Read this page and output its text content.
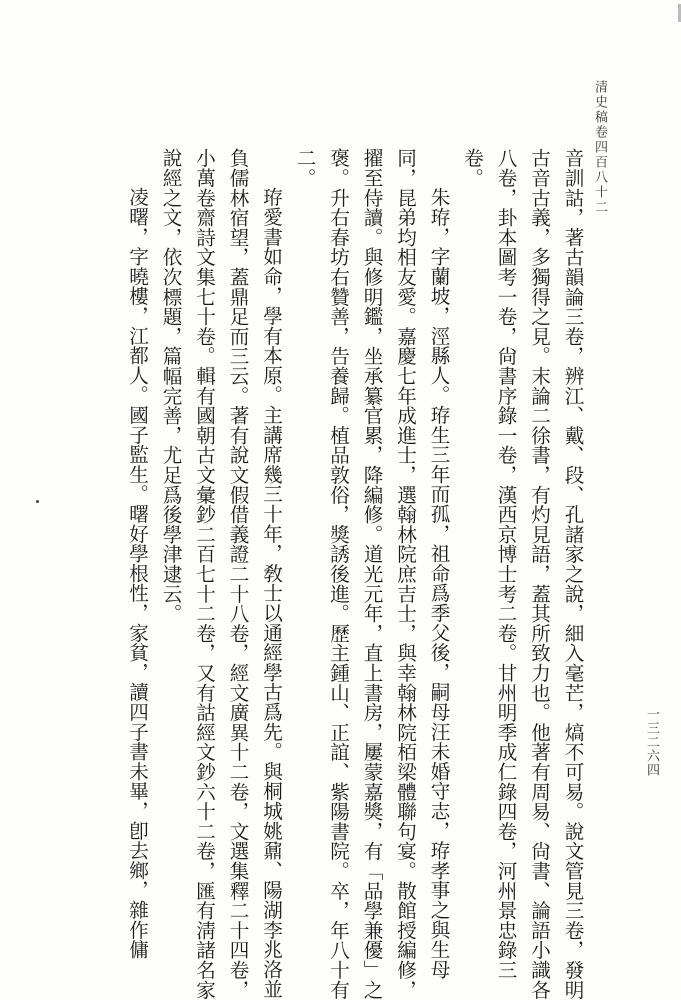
清史稿卷四百八十二
一三二六四

音訓詁，著古韻論三卷，辨江、戴、段、孔諸家之說，細入毫芒，熇不可易。說文管見三卷，發明古音古義，多獨得之見。末論二徐書，有灼見語，蓋其所致力也。他著有周易、尙書、論語小識各八卷，卦本圖考一卷，尙書序錄一卷，漢西京博士考二卷。甘州明季成仁錄四卷，河州景忠錄三卷。

朱珔，字蘭坡，涇縣人。珔生三年而孤，祖命爲季父後，嗣母汪未婚守志，珔孝事之與生母同，昆弟均相友愛。嘉慶七年成進士，選翰林院庶吉士，與幸翰林院栢梁體聯句宴。散館授編修，擢至侍讀。與修明鑑，坐承纂官累，降編修。道光元年，直上書房，屢蒙嘉獎，有「品學兼優」之褒。升右春坊右贊善，告養歸。植品敦俗，獎誘後進。歷主鍾山、正誼、紫陽書院。卒，年八十有二。

珔愛書如命，學有本原。主講席幾三十年，敎士以通經學古爲先。與桐城姚鼐、陽湖李兆洛並負儒林宿望，蓋鼎足而三云。著有說文假借義證二十八卷，經文廣異十二卷，文選集釋二十四卷，小萬卷齋詩文集七十卷。輯有國朝古文彙鈔二百七十二卷，又有詁經文鈔六十二卷，匯有淸諸名家說經之文，依次標題，篇幅完善，尤足爲後學津逮云。

凌曙，字曉樓，江都人。國子監生。曙好學根性，家貧，讀四子書未畢，卽去鄉，雜作傭
